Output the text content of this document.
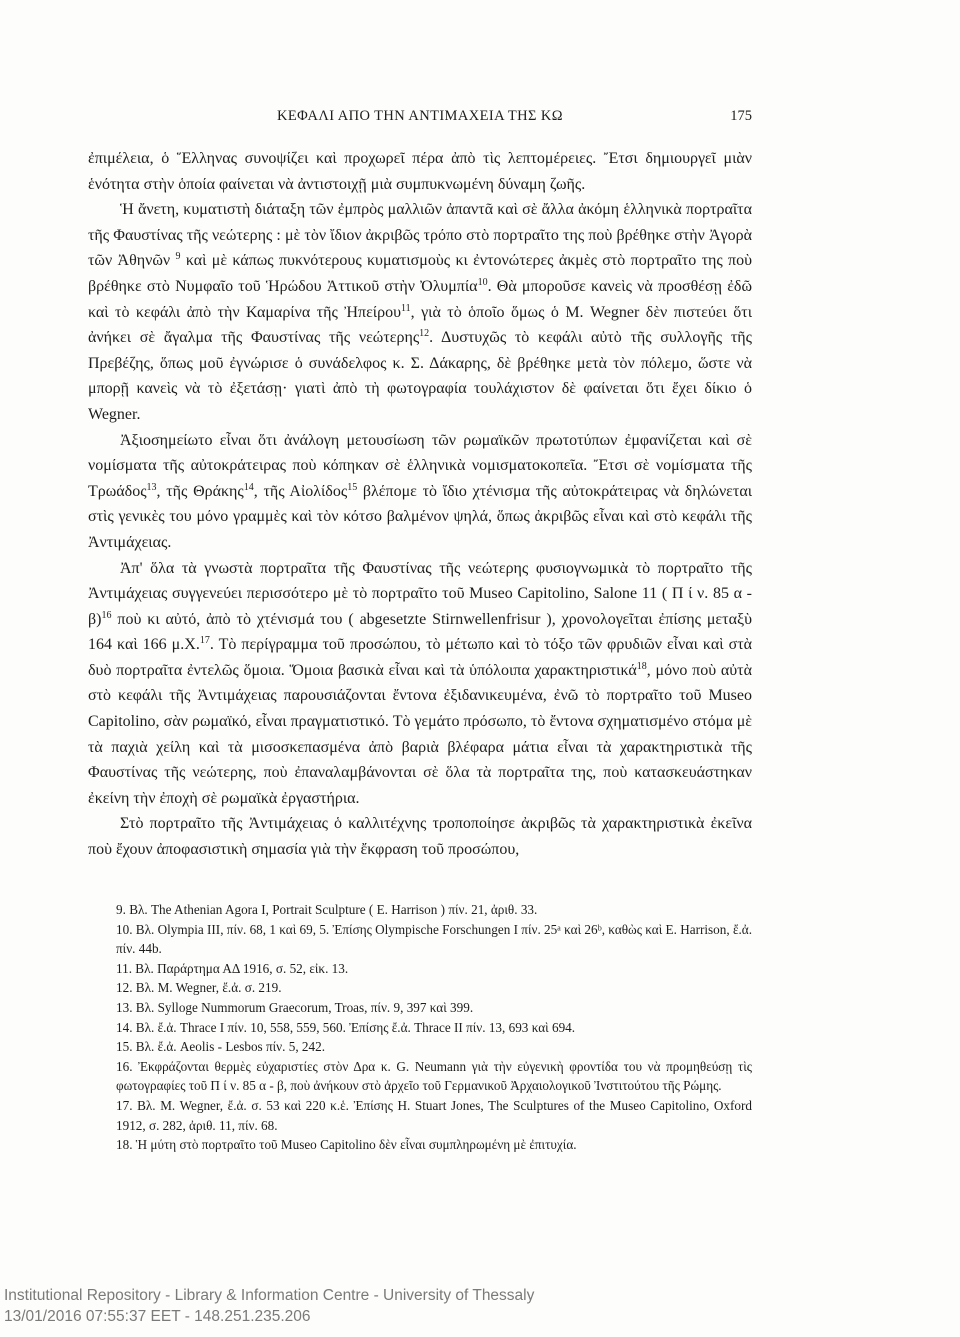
ΚΕΦΑΛΙ ΑΠΟ ΤΗΝ ΑΝΤΙΜΑΧΕΙΑ ΤΗΣ ΚΩ	175

ἐπιμέλεια, ὁ Ἕλληνας συνοψίζει καὶ προχωρεῖ πέρα ἀπὸ τὶς λεπτομέρειες. Ἔτσι δημιουργεῖ μιὰν ἑνότητα στὴν ὁποία φαίνεται νὰ ἀντιστοιχῇ μιὰ συμπυκνωμένη δύναμη ζωῆς.

Ἡ ἄνετη, κυματιστὴ διάταξη τῶν ἐμπρὸς μαλλιῶν ἀπαντᾶ καὶ σὲ ἄλλα ἀκόμη ἑλληνικὰ πορτραῖτα τῆς Φαυστίνας τῆς νεώτερης : μὲ τὸν ἴδιον ἀκριβῶς τρόπο στὸ πορτραῖτο της ποὺ βρέθηκε στὴν Ἀγορὰ τῶν Ἀθηνῶν $^9$ καὶ μὲ κάπως πυκνότερους κυματισμοὺς κι ἐντονώτερες ἀκμὲς στὸ πορτραῖτο της ποὺ βρέθηκε στὸ Νυμφαῖο τοῦ Ἡρώδου Ἀττικοῦ στὴν Ὀλυμπία$^{10}$. Θὰ μποροῦσε κανεὶς νὰ προσθέσῃ ἐδῶ καὶ τὸ κεφάλι ἀπὸ τὴν Καμαρίνα τῆς Ἠπείρου$^{11}$, γιὰ τὸ ὁποῖο ὅμως ὁ Μ. Wegner δὲν πιστεύει ὅτι ἀνήκει σὲ ἄγαλμα τῆς Φαυστίνας τῆς νεώτερης$^{12}$. Δυστυχῶς τὸ κεφάλι αὐτὸ τῆς συλλογῆς τῆς Πρεβέζης, ὅπως μοῦ ἐγνώρισε ὁ συνάδελφος κ. Σ. Δάκαρης, δὲ βρέθηκε μετὰ τὸν πόλεμο, ὥστε νὰ μπορῇ κανεὶς νὰ τὸ ἐξετάσῃ· γιατὶ ἀπὸ τὴ φωτογραφία τουλάχιστον δὲ φαίνεται ὅτι ἔχει δίκιο ὁ Wegner.

Ἀξιοσημείωτο εἶναι ὅτι ἀνάλογη μετουσίωση τῶν ρωμαϊκῶν πρωτοτύπων ἐμφανίζεται καὶ σὲ νομίσματα τῆς αὐτοκράτειρας ποὺ κόπηκαν σὲ ἑλληνικὰ νομισματοκοπεῖα. Ἔτσι σὲ νομίσματα τῆς Τρωάδος$^{13}$, τῆς Θράκης$^{14}$, τῆς Αἰολίδος$^{15}$ βλέπομε τὸ ἴδιο χτένισμα τῆς αὐτοκράτειρας νὰ δηλώνεται στὶς γενικὲς του μόνο γραμμὲς καὶ τὸν κότσο βαλμένον ψηλά, ὅπως ἀκριβῶς εἶναι καὶ στὸ κεφάλι τῆς Ἀντιμάχειας.

Ἀπ' ὅλα τὰ γνωστὰ πορτραῖτα τῆς Φαυστίνας τῆς νεώτερης φυσιογνωμικὰ τὸ πορτραῖτο τῆς Ἀντιμάχειας συγγενεύει περισσότερο μὲ τὸ πορτραῖτο τοῦ Museo Capitolino, Salone 11 ( Π ί ν. 85 α - β)$^{16}$ ποὺ κι αὐτό, ἀπὸ τὸ χτένισμά του ( abgesetzte Stirnwellenfrisur ), χρονολογεῖται ἐπίσης μεταξὺ 164 καὶ 166 μ.Χ.$^{17}$. Τὸ περίγραμμα τοῦ προσώπου, τὸ μέτωπο καὶ τὸ τόξο τῶν φρυδιῶν εἶναι καὶ στὰ δυὸ πορτραῖτα ἐντελῶς ὅμοια. Ὅμοια βασικὰ εἶναι καὶ τὰ ὑπόλοιπα χαρακτηριστικά$^{18}$, μόνο ποὺ αὐτὰ στὸ κεφάλι τῆς Ἀντιμάχειας παρουσιάζονται ἔντονα ἐξιδανικευμένα, ἐνῶ τὸ πορτραῖτο τοῦ Museo Capitolino, σὰν ρωμαϊκό, εἶναι πραγματιστικό. Τὸ γεμάτο πρόσωπο, τὸ ἔντονα σχηματισμένο στόμα μὲ τὰ παχιὰ χείλη καὶ τὰ μισοσκεπασμένα ἀπὸ βαριὰ βλέφαρα μάτια εἶναι τὰ χαρακτηριστικὰ τῆς Φαυστίνας τῆς νεώτερης, ποὺ ἐπαναλαμβάνονται σὲ ὅλα τὰ πορτραῖτα της, ποὺ κατασκευάστηκαν ἐκείνη τὴν ἐποχὴ σὲ ρωμαϊκὰ ἐργαστήρια.

Στὸ πορτραῖτο τῆς Ἀντιμάχειας ὁ καλλιτέχνης τροποποίησε ἀκριβῶς τὰ χαρακτηριστικὰ ἐκεῖνα ποὺ ἔχουν ἀποφασιστικὴ σημασία γιὰ τὴν ἔκφραση τοῦ προσώπου,

9. Βλ. The Athenian Agora I, Portrait Sculpture ( E. Harrison ) πίν. 21, ἀριθ. 33.

10. Βλ. Olympia III, πίν. 68, 1 καὶ 69, 5. Ἐπίσης Olympische Forschungen I πίν. 25ᵃ καὶ 26ᵇ, καθὼς καὶ E. Harrison, ἔ.ἀ. πίν. 44b.

11. Βλ. Παράρτημα ΑΔ 1916, σ. 52, εἰκ. 13.

12. Βλ. M. Wegner, ἔ.ἀ. σ. 219.

13. Βλ. Sylloge Nummorum Graecorum, Troas, πίν. 9, 397 καὶ 399.

14. Βλ. ἔ.ἀ. Thrace I πίν. 10, 558, 559, 560. Ἐπίσης ἔ.ἀ. Thrace II πίν. 13, 693 καὶ 694.

15. Βλ. ἔ.ἀ. Aeolis - Lesbos πίν. 5, 242.

16. Ἐκφράζονται θερμὲς εὐχαριστίες στὸν Δρα κ. G. Neumann γιὰ τὴν εὐγενικὴ φροντίδα του νὰ προμηθεύσῃ τὶς φωτογραφίες τοῦ Π ί ν. 85 α - β, ποὺ ἀνήκουν στὸ ἀρχεῖο τοῦ Γερμανικοῦ Ἀρχαιολογικοῦ Ἰνστιτούτου τῆς Ρώμης.

17. Βλ. M. Wegner, ἔ.ἀ. σ. 53 καὶ 220 κ.ἑ. Ἐπίσης H. Stuart Jones, The Sculptures of the Museo Capitolino, Oxford 1912, σ. 282, ἀριθ. 11, πίν. 68.

18. Ἡ μύτη στὸ πορτραῖτο τοῦ Museo Capitolino δὲν εἶναι συμπληρωμένη μὲ ἐπιτυχία.

Institutional Repository - Library & Information Centre - University of Thessaly
13/01/2016 07:55:37 EET - 148.251.235.206
